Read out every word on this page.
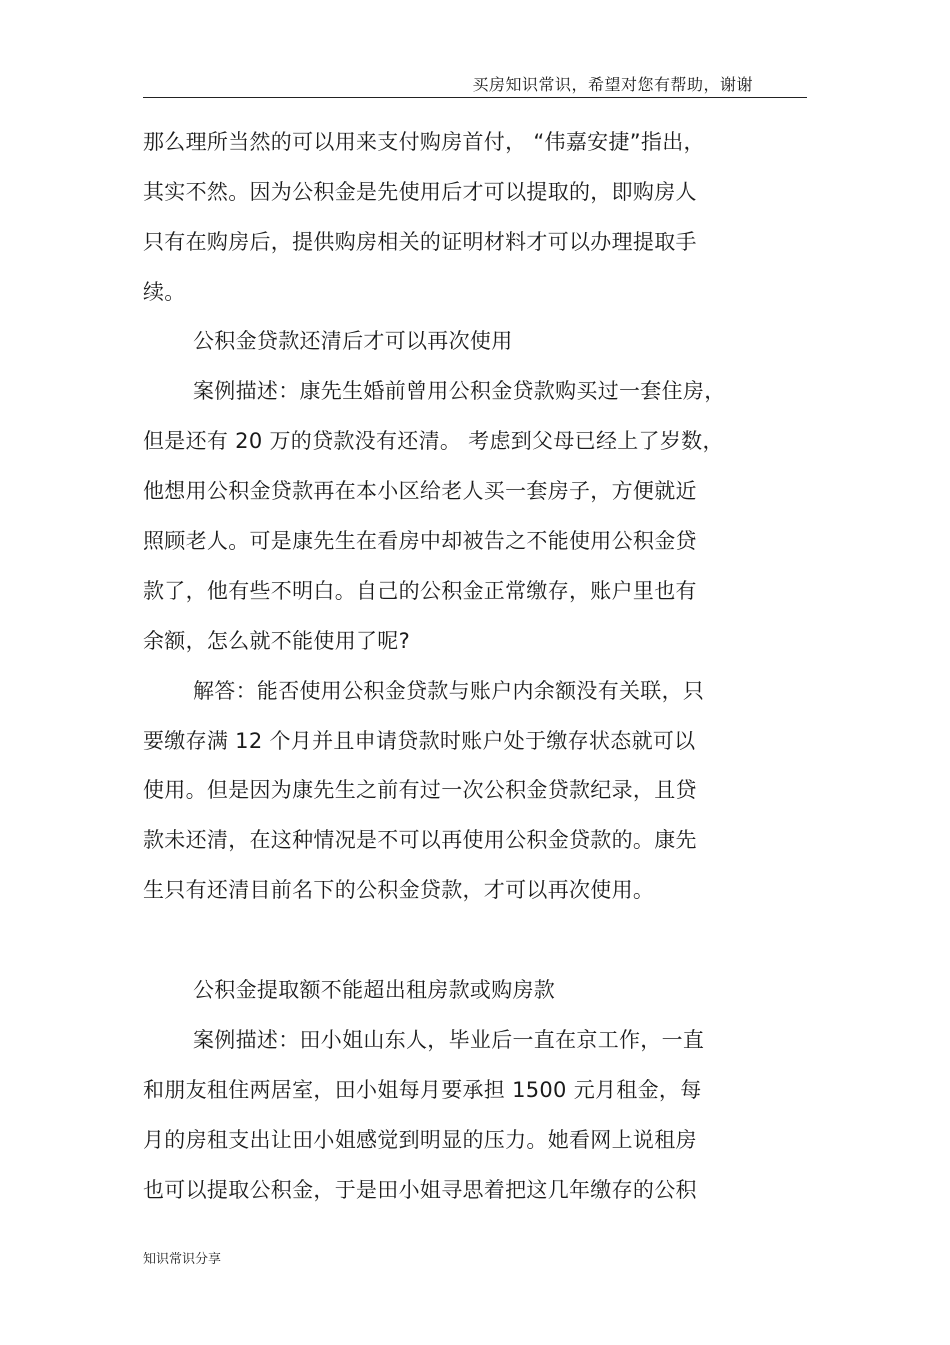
买房知识常识，希望对您有帮助，谢谢
那么理所当然的可以用来支付购房首付， “伟嘉安捷”指出，
其实不然。因为公积金是先使用后才可以提取的，即购房人
只有在购房后，提供购房相关的证明材料才可以办理提取手
续。
公积金贷款还清后才可以再次使用
案例描述：康先生婚前曾用公积金贷款购买过一套住房，
但是还有 20 万的贷款没有还清。 考虑到父母已经上了岁数，
他想用公积金贷款再在本小区给老人买一套房子，方便就近
照顾老人。可是康先生在看房中却被告之不能使用公积金贷
款了，他有些不明白。自己的公积金正常缴存，账户里也有
余额，怎么就不能使用了呢?
解答：能否使用公积金贷款与账户内余额没有关联，只
要缴存满 12 个月并且申请贷款时账户处于缴存状态就可以
使用。但是因为康先生之前有过一次公积金贷款纪录，且贷
款未还清，在这种情况是不可以再使用公积金贷款的。康先
生只有还清目前名下的公积金贷款，才可以再次使用。
公积金提取额不能超出租房款或购房款
案例描述：田小姐山东人，毕业后一直在京工作，一直
和朋友租住两居室，田小姐每月要承担 1500 元月租金，每
月的房租支出让田小姐感觉到明显的压力。她看网上说租房
也可以提取公积金，于是田小姐寻思着把这几年缴存的公积
知识常识分享
